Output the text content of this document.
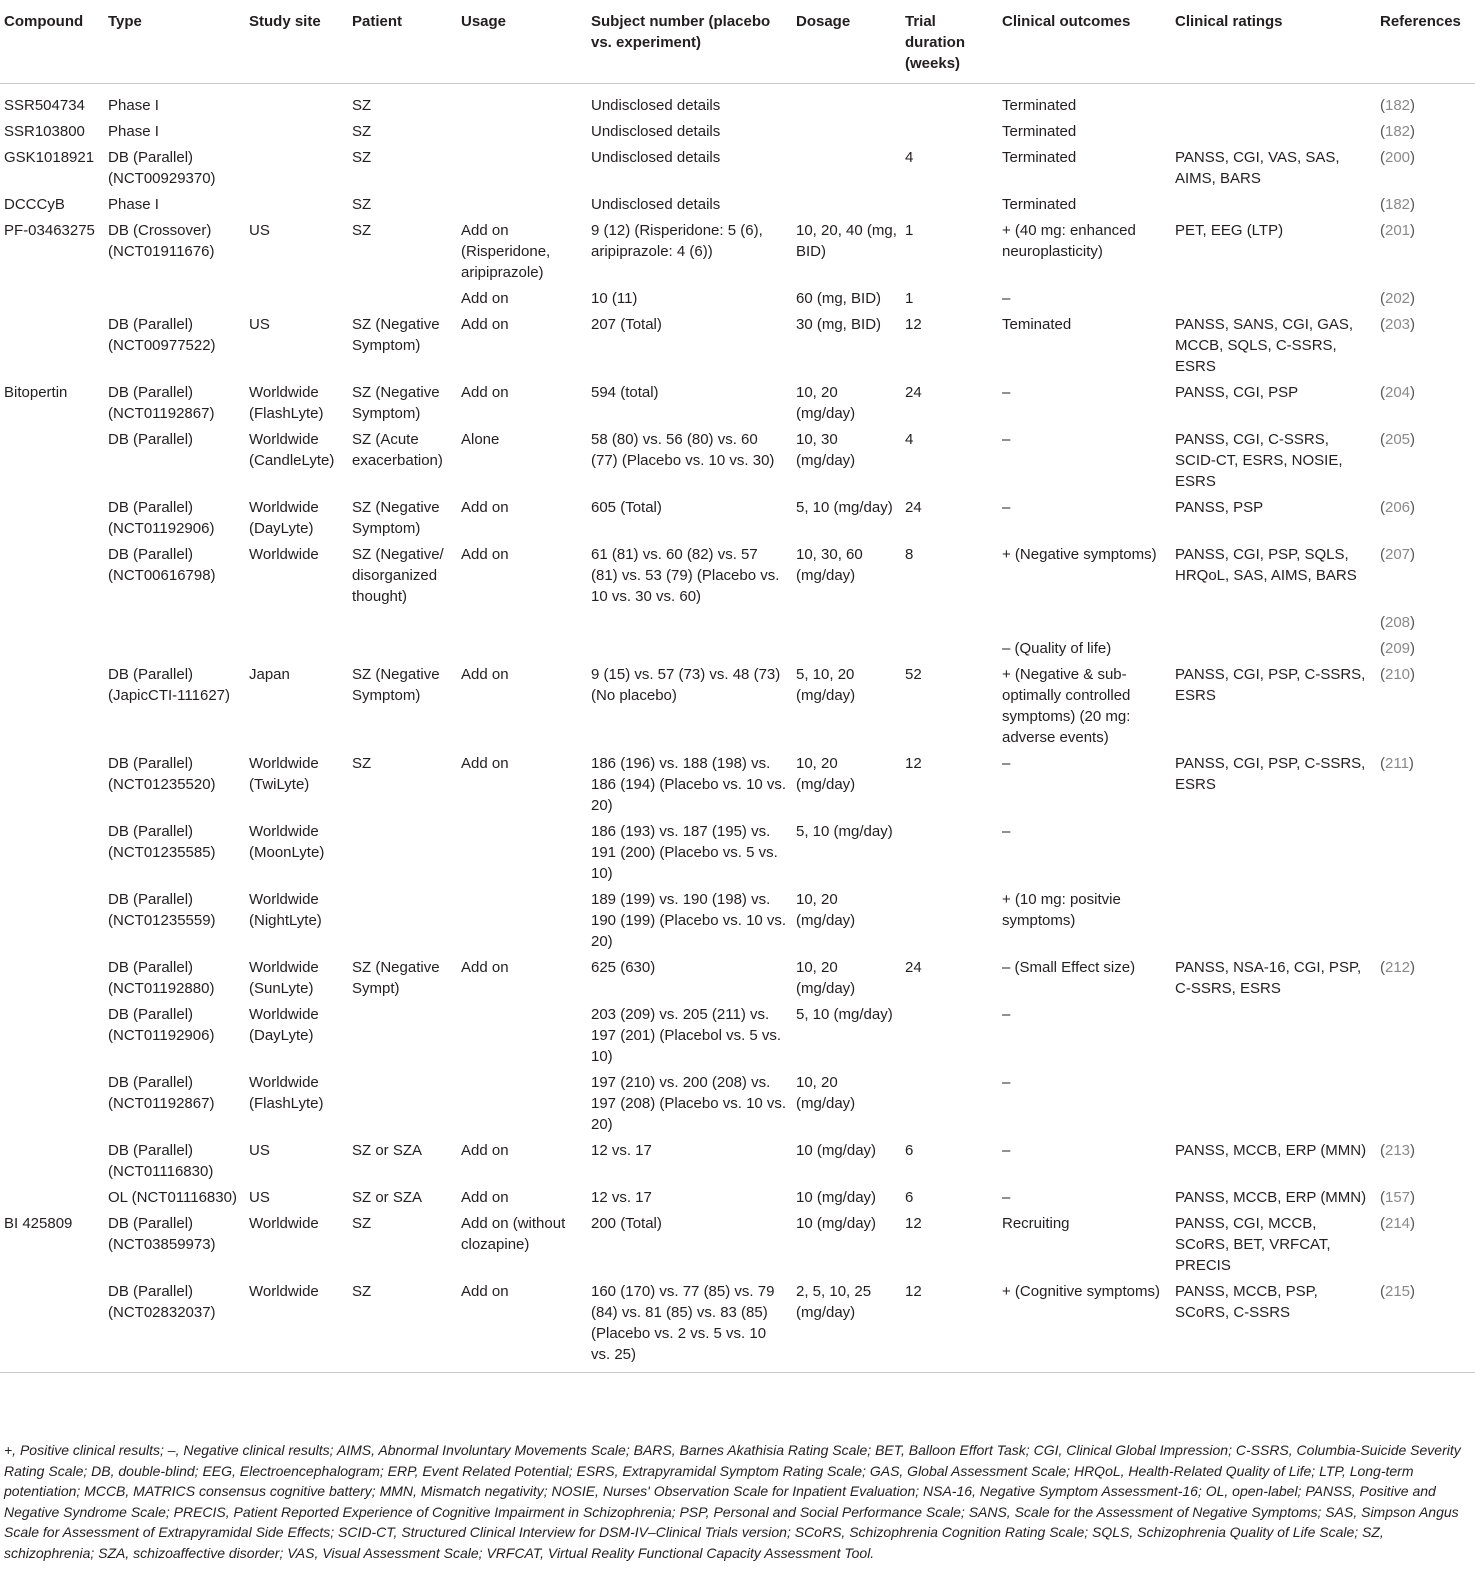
Compound	Type	Study site	Patient	Usage	Subject number (placebo vs. experiment)	Dosage	Trial duration (weeks)	Clinical outcomes	Clinical ratings	References
SSR504734	Phase I		SZ		Undisclosed details			Terminated		(182)
SSR103800	Phase I		SZ		Undisclosed details			Terminated		(182)
GSK1018921	DB (Parallel) (NCT00929370)		SZ		Undisclosed details		4	Terminated	PANSS, CGI, VAS, SAS, AIMS, BARS	(200)
DCCCyB	Phase I		SZ		Undisclosed details			Terminated		(182)
PF-03463275	DB (Crossover) (NCT01911676)	US	SZ	Add on (Risperidone, aripiprazole)	9 (12) (Risperidone: 5 (6), aripiprazole: 4 (6))	10, 20, 40 (mg, BID)	1	+ (40 mg: enhanced neuroplasticity)	PET, EEG (LTP)	(201)
				Add on	10 (11)	60 (mg, BID)	1	–		(202)
	DB (Parallel) (NCT00977522)	US	SZ (Negative Symptom)	Add on	207 (Total)	30 (mg, BID)	12	Teminated	PANSS, SANS, CGI, GAS, MCCB, SQLS, C-SSRS, ESRS	(203)
Bitopertin	DB (Parallel) (NCT01192867)	Worldwide (FlashLyte)	SZ (Negative Symptom)	Add on	594 (total)	10, 20 (mg/day)	24	–	PANSS, CGI, PSP	(204)
	DB (Parallel)	Worldwide (CandleLyte)	SZ (Acute exacerbation)	Alone	58 (80) vs. 56 (80) vs. 60 (77) (Placebo vs. 10 vs. 30)	10, 30 (mg/day)	4	–	PANSS, CGI, C-SSRS, SCID-CT, ESRS, NOSIE, ESRS	(205)
	DB (Parallel) (NCT01192906)	Worldwide (DayLyte)	SZ (Negative Symptom)	Add on	605 (Total)	5, 10 (mg/day)	24	–	PANSS, PSP	(206)
	DB (Parallel) (NCT00616798)	Worldwide	SZ (Negative/ disorganized thought)	Add on	61 (81) vs. 60 (82) vs. 57 (81) vs. 53 (79) (Placebo vs. 10 vs. 30 vs. 60)	10, 30, 60 (mg/day)	8	+ (Negative symptoms)	PANSS, CGI, PSP, SQLS, HRQoL, SAS, AIMS, BARS	(207)
										(208)
								– (Quality of life)		(209)
	DB (Parallel) (JapicCTI-111627)	Japan	SZ (Negative Symptom)	Add on	9 (15) vs. 57 (73) vs. 48 (73) (No placebo)	5, 10, 20 (mg/day)	52	+ (Negative & sub-optimally controlled symptoms) (20 mg: adverse events)	PANSS, CGI, PSP, C-SSRS, ESRS	(210)
	DB (Parallel) (NCT01235520)	Worldwide (TwiLyte)	SZ	Add on	186 (196) vs. 188 (198) vs. 186 (194) (Placebo vs. 10 vs. 20)	10, 20 (mg/day)	12	–	PANSS, CGI, PSP, C-SSRS, ESRS	(211)
	DB (Parallel) (NCT01235585)	Worldwide (MoonLyte)			186 (193) vs. 187 (195) vs. 191 (200) (Placebo vs. 5 vs. 10)	5, 10 (mg/day)		–		
	DB (Parallel) (NCT01235559)	Worldwide (NightLyte)			189 (199) vs. 190 (198) vs. 190 (199) (Placebo vs. 10 vs. 20)	10, 20 (mg/day)		+ (10 mg: positvie symptoms)		
	DB (Parallel) (NCT01192880)	Worldwide (SunLyte)	SZ (Negative Sympt)	Add on	625 (630)	10, 20 (mg/day)	24	– (Small Effect size)	PANSS, NSA-16, CGI, PSP, C-SSRS, ESRS	(212)
	DB (Parallel) (NCT01192906)	Worldwide (DayLyte)			203 (209) vs. 205 (211) vs. 197 (201) (Placebol vs. 5 vs. 10)	5, 10 (mg/day)		–		
	DB (Parallel) (NCT01192867)	Worldwide (FlashLyte)			197 (210) vs. 200 (208) vs. 197 (208) (Placebo vs. 10 vs. 20)	10, 20 (mg/day)		–		
	DB (Parallel) (NCT01116830)	US	SZ or SZA	Add on	12 vs. 17	10 (mg/day)	6	–	PANSS, MCCB, ERP (MMN)	(213)
	OL (NCT01116830)	US	SZ or SZA	Add on	12 vs. 17	10 (mg/day)	6	–	PANSS, MCCB, ERP (MMN)	(157)
BI 425809	DB (Parallel) (NCT03859973)	Worldwide	SZ	Add on (without clozapine)	200 (Total)	10 (mg/day)	12	Recruiting	PANSS, CGI, MCCB, SCoRS, BET, VRFCAT, PRECIS	(214)
	DB (Parallel) (NCT02832037)	Worldwide	SZ	Add on	160 (170) vs. 77 (85) vs. 79 (84) vs. 81 (85) vs. 83 (85) (Placebo vs. 2 vs. 5 vs. 10 vs. 25)	2, 5, 10, 25 (mg/day)	12	+ (Cognitive symptoms)	PANSS, MCCB, PSP, SCoRS, C-SSRS	(215)
+, Positive clinical results; –, Negative clinical results; AIMS, Abnormal Involuntary Movements Scale; BARS, Barnes Akathisia Rating Scale; BET, Balloon Effort Task; CGI, Clinical Global Impression; C-SSRS, Columbia-Suicide Severity Rating Scale; DB, double-blind; EEG, Electroencephalogram; ERP, Event Related Potential; ESRS, Extrapyramidal Symptom Rating Scale; GAS, Global Assessment Scale; HRQoL, Health-Related Quality of Life; LTP, Long-term potentiation; MCCB, MATRICS consensus cognitive battery; MMN, Mismatch negativity; NOSIE, Nurses' Observation Scale for Inpatient Evaluation; NSA-16, Negative Symptom Assessment-16; OL, open-label; PANSS, Positive and Negative Syndrome Scale; PRECIS, Patient Reported Experience of Cognitive Impairment in Schizophrenia; PSP, Personal and Social Performance Scale; SANS, Scale for the Assessment of Negative Symptoms; SAS, Simpson Angus Scale for Assessment of Extrapyramidal Side Effects; SCID-CT, Structured Clinical Interview for DSM-IV–Clinical Trials version; SCoRS, Schizophrenia Cognition Rating Scale; SQLS, Schizophrenia Quality of Life Scale; SZ, schizophrenia; SZA, schizoaffective disorder; VAS, Visual Assessment Scale; VRFCAT, Virtual Reality Functional Capacity Assessment Tool.
